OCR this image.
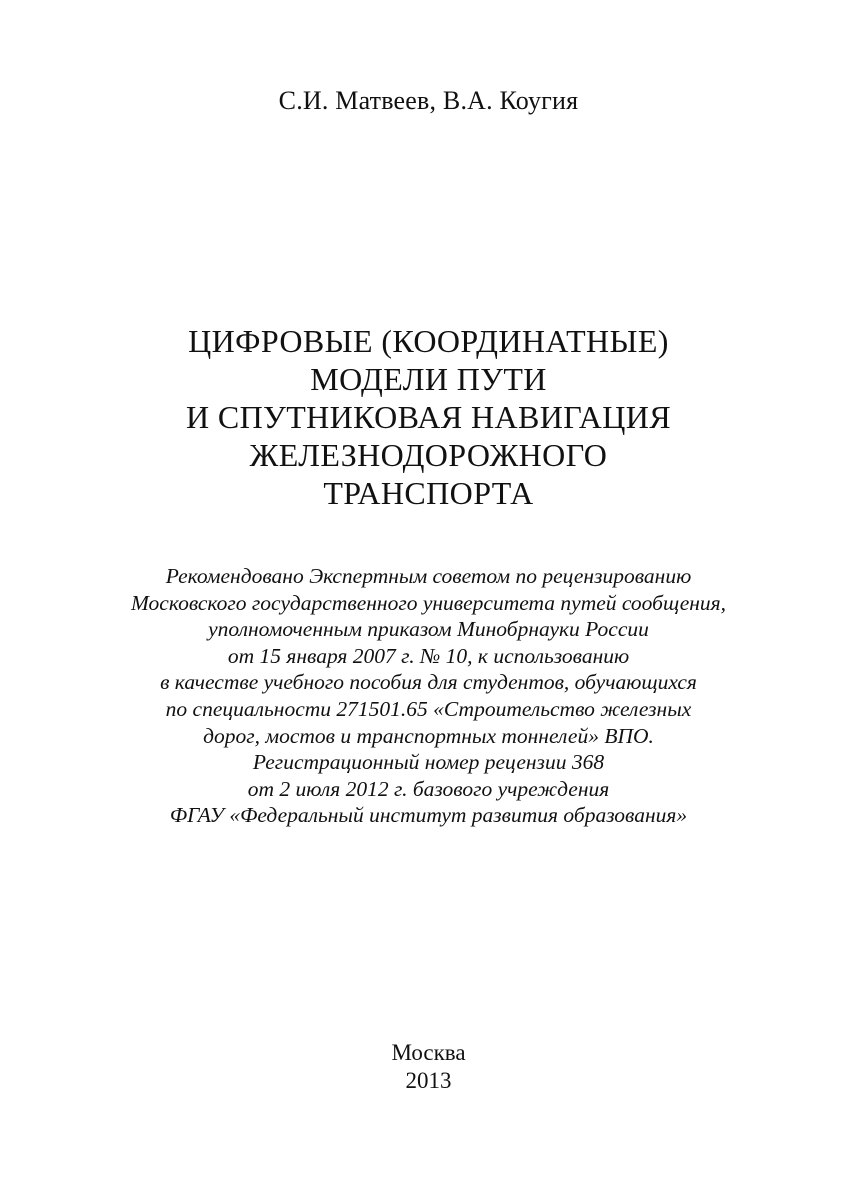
С.И. Матвеев, В.А. Коугия
ЦИФРОВЫЕ (КООРДИНАТНЫЕ)
МОДЕЛИ ПУТИ
И СПУТНИКОВАЯ НАВИГАЦИЯ
ЖЕЛЕЗНОДОРОЖНОГО
ТРАНСПОРТА
Рекомендовано Экспертным советом по рецензированию
Московского государственного университета путей сообщения,
уполномоченным приказом Минобрнауки России
от 15 января 2007 г. № 10, к использованию
в качестве учебного пособия для студентов, обучающихся
по специальности 271501.65 «Строительство железных
дорог, мостов и транспортных тоннелей» ВПО.
Регистрационный номер рецензии 368
от 2 июля 2012 г. базового учреждения
ФГАУ «Федеральный институт развития образования»
Москва
2013
